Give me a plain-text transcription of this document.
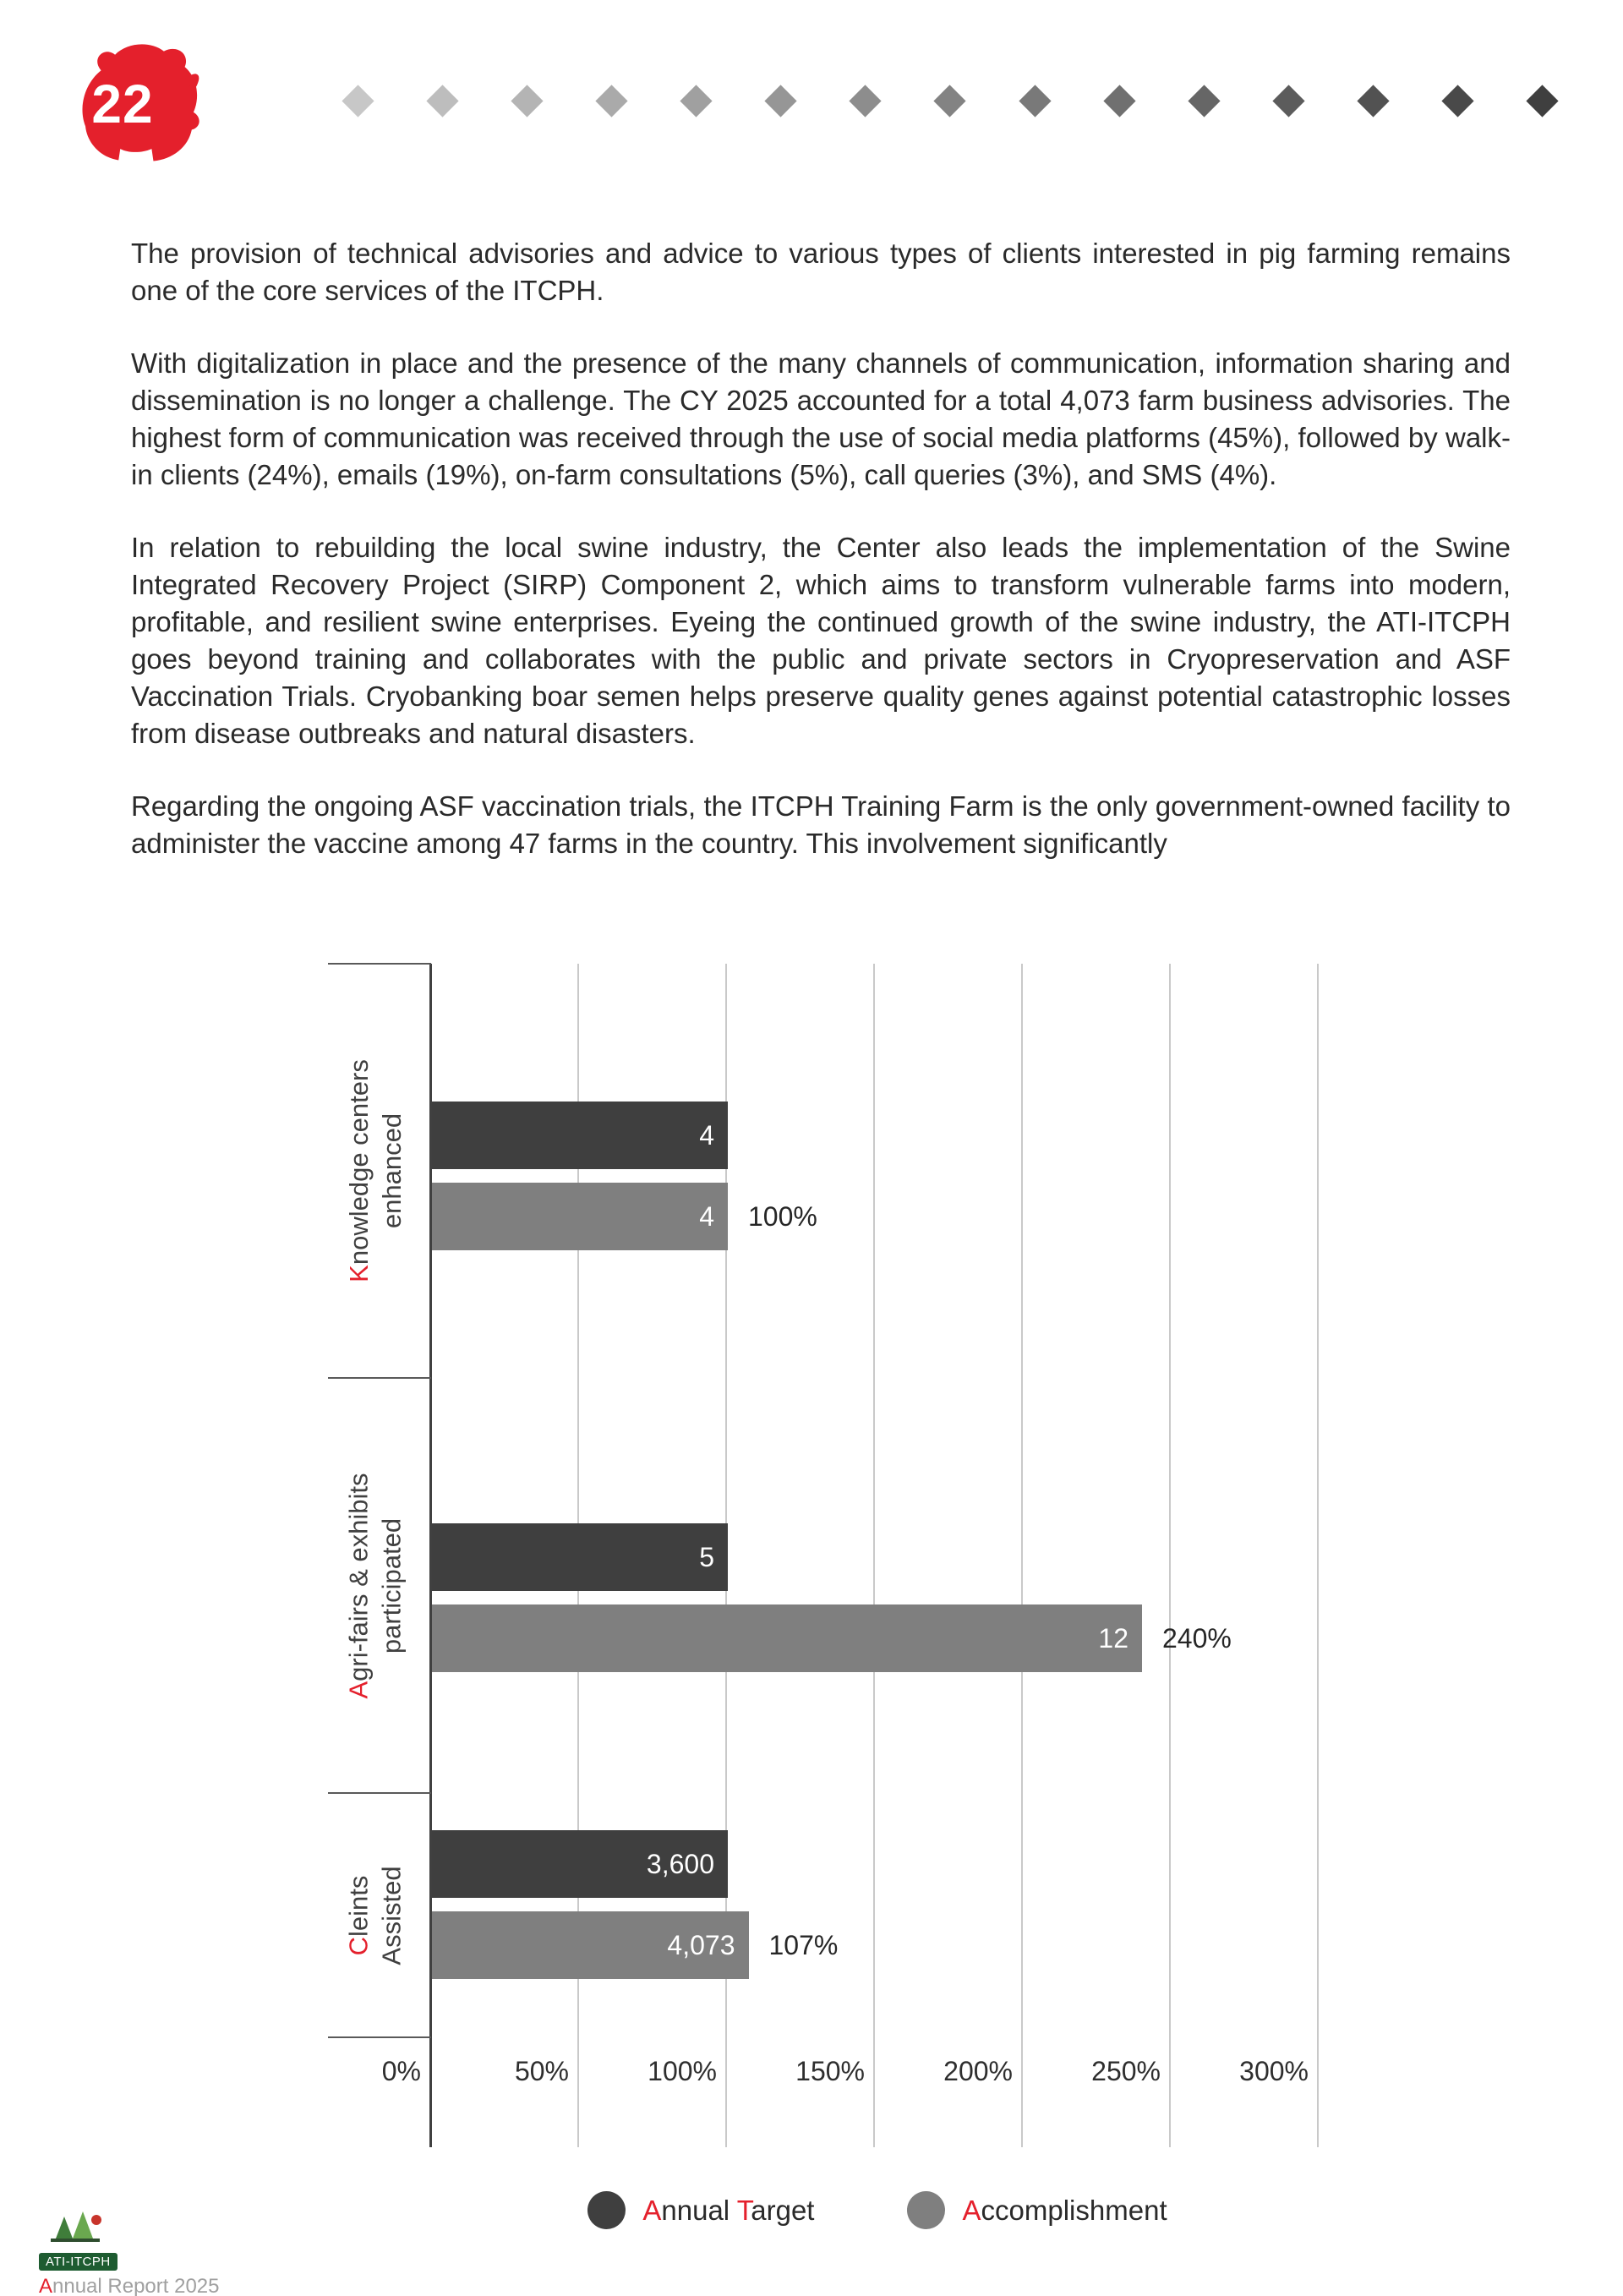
22

The provision of technical advisories and advice to various types of clients interested in pig farming remains one of the core services of the ITCPH.

With digitalization in place and the presence of the many channels of communication, information sharing and dissemination is no longer a challenge. The CY 2025 accounted for a total 4,073 farm business advisories. The highest form of communication was received through the use of social media platforms (45%), followed by walk-in clients (24%), emails (19%), on-farm consultations (5%), call queries (3%), and SMS (4%).

In relation to rebuilding the local swine industry, the Center also leads the implementation of the Swine Integrated Recovery Project (SIRP) Component 2, which aims to transform vulnerable farms into modern, profitable, and resilient swine enterprises. Eyeing the continued growth of the swine industry, the ATI-ITCPH goes beyond training and collaborates with the public and private sectors in Cryopreservation and ASF Vaccination Trials. Cryobanking boar semen helps preserve quality genes against potential catastrophic losses from disease outbreaks and natural disasters.

Regarding the ongoing ASF vaccination trials, the ITCPH Training Farm is the only government-owned facility to administer the vaccine among 47 farms in the country. This involvement significantly

4
4	100%
5
12	240%
3,600
4,073	107%
0%	50%	100%	150%	200%	250%	300%
Knowledge centers enhanced
Agri-fairs & exhibits participated
Cleints Assisted
Annual Target	Accomplishment
ATI-ITCPH
Annual Report 2025
